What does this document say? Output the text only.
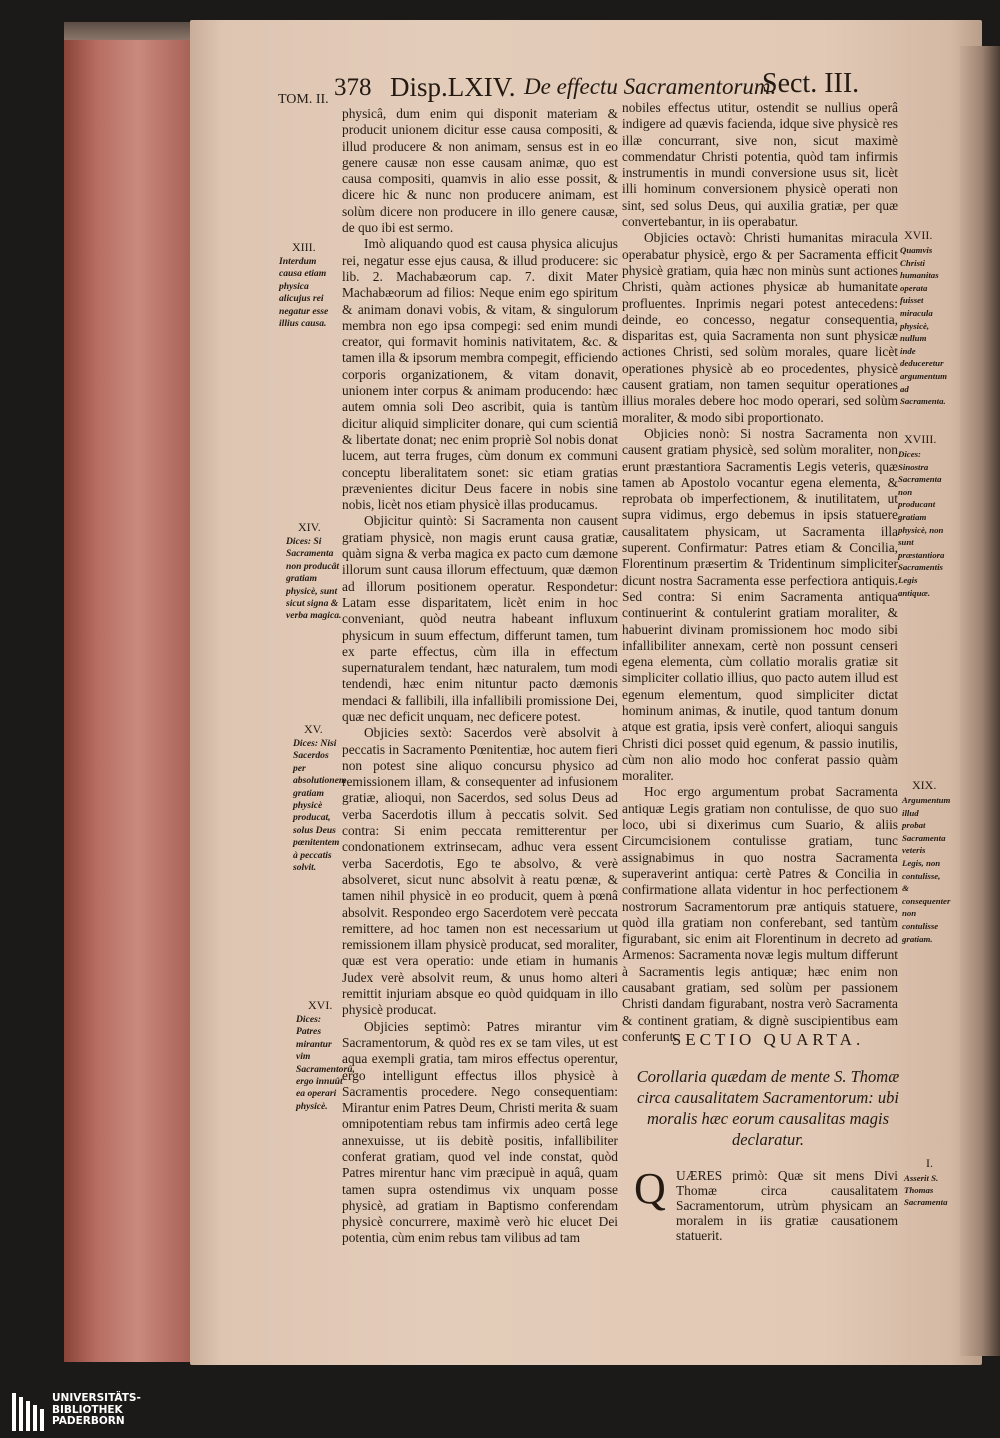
TOM. II. 378 Disp.LXIV. De effectu Sacramentorum.
Sect. III.

physicâ, dum enim qui disponit materiam & producit unionem dicitur esse causa compositi, & illud producere & non animam, sensus est in eo genere causæ non esse causam animæ, quo est causa compositi, quamvis in alio esse possit, & dicere hic & nunc non producere animam, est solùm dicere non producere in illo genere causæ, de quo ibi est sermo.

Imò aliquando quod est causa physica alicujus rei, negatur esse ejus causa, & illud producere: sic lib. 2. Machabæorum cap. 7. dixit Mater Machabæorum ad filios: Neque enim ego spiritum & animam donavi vobis, & vitam, & singulorum membra non ego ipsa compegi: sed enim mundi creator, qui formavit hominis nativitatem, &c. & tamen illa & ipsorum membra compegit, efficiendo corporis organizationem, & vitam donavit, unionem inter corpus & animam producendo: hæc autem omnia soli Deo ascribit, quia is tantùm dicitur aliquid simpliciter donare, qui cum scientiâ & libertate donat; nec enim propriè Sol nobis donat lucem, aut terra fruges, cùm donum ex communi conceptu liberalitatem sonet: sic etiam gratias prævenientes dicitur Deus facere in nobis sine nobis, licèt nos etiam physicè illas producamus.

Objicitur quintò: Si Sacramenta non causent gratiam physicè, non magis erunt causa gratiæ, quàm signa & verba magica ex pacto cum dæmone illorum sunt causa illorum effectuum, quæ dæmon ad illorum positionem operatur. Respondetur: Latam esse disparitatem, licèt enim in hoc conveniant, quòd neutra habeant influxum physicum in suum effectum, differunt tamen, tum ex parte effectus, cùm illa in effectum supernaturalem tendant, hæc naturalem, tum modi tendendi, hæc enim nituntur pacto dæmonis mendaci & fallibili, illa infallibili promissione Dei, quæ nec deficit unquam, nec deficere potest.

Objicies sextò: Sacerdos verè absolvit à peccatis in Sacramento Pœnitentiæ, hoc autem fieri non potest sine aliquo concursu physico ad remissionem illam, & consequenter ad infusionem gratiæ, alioqui, non Sacerdos, sed solus Deus ad verba Sacerdotis illum à peccatis solvit. Sed contra: Si enim peccata remitterentur per condonationem extrinsecam, adhuc vera essent verba Sacerdotis, Ego te absolvo, & verè absolveret, sicut nunc absolvit à reatu pœnæ, & tamen nihil physicè in eo producit, quem à pœnâ absolvit. Respondeo ergo Sacerdotem verè peccata remittere, ad hoc tamen non est necessarium ut remissionem illam physicè producat, sed moraliter, quæ est vera operatio: unde etiam in humanis Judex verè absolvit reum, & unus homo alteri remittit injuriam absque eo quòd quidquam in illo physicè producat.

Objicies septimò: Patres mirantur vim Sacramentorum, & quòd res ex se tam viles, ut est aqua exempli gratia, tam miros effectus operentur, ergo intelligunt effectus illos physicè à Sacramentis procedere. Nego consequentiam: Mirantur enim Patres Deum, Christi merita & suam omnipotentiam rebus tam infirmis adeo certâ lege annexuisse, ut iis debitè positis, infallibiliter conferat gratiam, quod vel inde constat, quòd Patres mirentur hanc vim præcipuè in aquâ, quam tamen supra ostendimus vix unquam posse physicè, ad gratiam in Baptismo conferendam physicè concurrere, maximè verò hic elucet Dei potentia, cùm enim rebus tam vilibus ad tam

nobiles effectus utitur, ostendit se nullius operâ indigere ad quævis facienda, idque sive physicè res illæ concurrant, sive non, sicut maximè commendatur Christi potentia, quòd tam infirmis instrumentis in mundi conversione usus sit, licèt illi hominum conversionem physicè operati non sint, sed solus Deus, qui auxilia gratiæ, per quæ convertebantur, in iis operabatur.

Objicies octavò: Christi humanitas miracula operabatur physicè, ergo & per Sacramenta efficit physicè gratiam, quia hæc non minùs sunt actiones Christi, quàm actiones physicæ ab humanitate profluentes. Inprimis negari potest antecedens: deinde, eo concesso, negatur consequentia, disparitas est, quia Sacramenta non sunt physicæ actiones Christi, sed solùm morales, quare licèt operationes physicè ab eo procedentes, physicè causent gratiam, non tamen sequitur operationes illius morales debere hoc modo operari, sed solùm moraliter, & modo sibi proportionato.

Objicies nonò: Si nostra Sacramenta non causent gratiam physicè, sed solùm moraliter, non erunt præstantiora Sacramentis Legis veteris, quæ tamen ab Apostolo vocantur egena elementa, & reprobata ob imperfectionem, & inutilitatem, ut supra vidimus, ergo debemus in ipsis statuere causalitatem physicam, ut Sacramenta illa superent. Confirmatur: Patres etiam & Concilia, Florentinum præsertim & Tridentinum simpliciter dicunt nostra Sacramenta esse perfectiora antiquis. Sed contra: Si enim Sacramenta antiqua continuerint & contulerint gratiam moraliter, & habuerint divinam promissionem hoc modo sibi infallibiliter annexam, certè non possunt censeri egena elementa, cùm collatio moralis gratiæ sit simpliciter collatio illius, quo pacto autem illud est egenum elementum, quod simpliciter dictat hominum animas, & inutile, quod tantum donum atque est gratia, ipsis verè confert, alioqui sanguis Christi dici posset quid egenum, & passio inutilis, cùm non alio modo hoc conferat passio quàm moraliter.

Hoc ergo argumentum probat Sacramenta antiquæ Legis gratiam non contulisse, de quo suo loco, ubi si dixerimus cum Suario, & aliis Circumcisionem contulisse gratiam, tunc assignabimus in quo nostra Sacramenta superaverint antiqua: certè Patres & Concilia in confirmatione allata videntur in hoc perfectionem nostrorum Sacramentorum præ antiquis statuere, quòd illa gratiam non conferebant, sed tantùm figurabant, sic enim ait Florentinum in decreto ad Armenos: Sacramenta novæ legis multum differunt à Sacramentis legis antiquæ; hæc enim non causabant gratiam, sed solùm per passionem Christi dandam figurabant, nostra verò Sacramenta & continent gratiam, & dignè suscipientibus eam conferunt.

SECTIO QUARTA.
Corollaria quædam de mente S. Thomæ circa causalitatem Sacramentorum: ubi moralis hæc eorum causalitas magis declaratur.
Q UÆRES primò: Quæ sit mens Divi Thomæ circa causalitatem Sacramentorum, utrùm physicam an moralem in iis gratiæ causationem statuerit.

XIII.
Interdum causa etiam physica alicujus rei negatur esse illius causa.
XIV.
Dices: Si Sacramenta non producât gratiam physicè, sunt sicut signa & verba magica.
XV.
Dices: Nisi Sacerdos per absolutionem gratiam physicè producat, solus Deus pœnitentem à peccatis solvit.
XVI.
Dices: Patres mirantur vim Sacramentorû, ergo innuût ea operari physicè.
XVII.
Quamvis Christi humanitas operata fuisset miracula physicè, nullum inde deduceretur argumentum ad Sacramenta.
XVIII.
Dices: Sinostra Sacramenta non producant gratiam physicè, non sunt præstantiora Sacramentis Legis antiquæ.
XIX.
Argumentum illud probat Sacramenta veteris Legis, non contulisse, & consequenter non contulisse gratiam.
I.
Asserit S. Thomas Sacramenta
UNIVERSITÄTS-
BIBLIOTHEK
PADERBORN
